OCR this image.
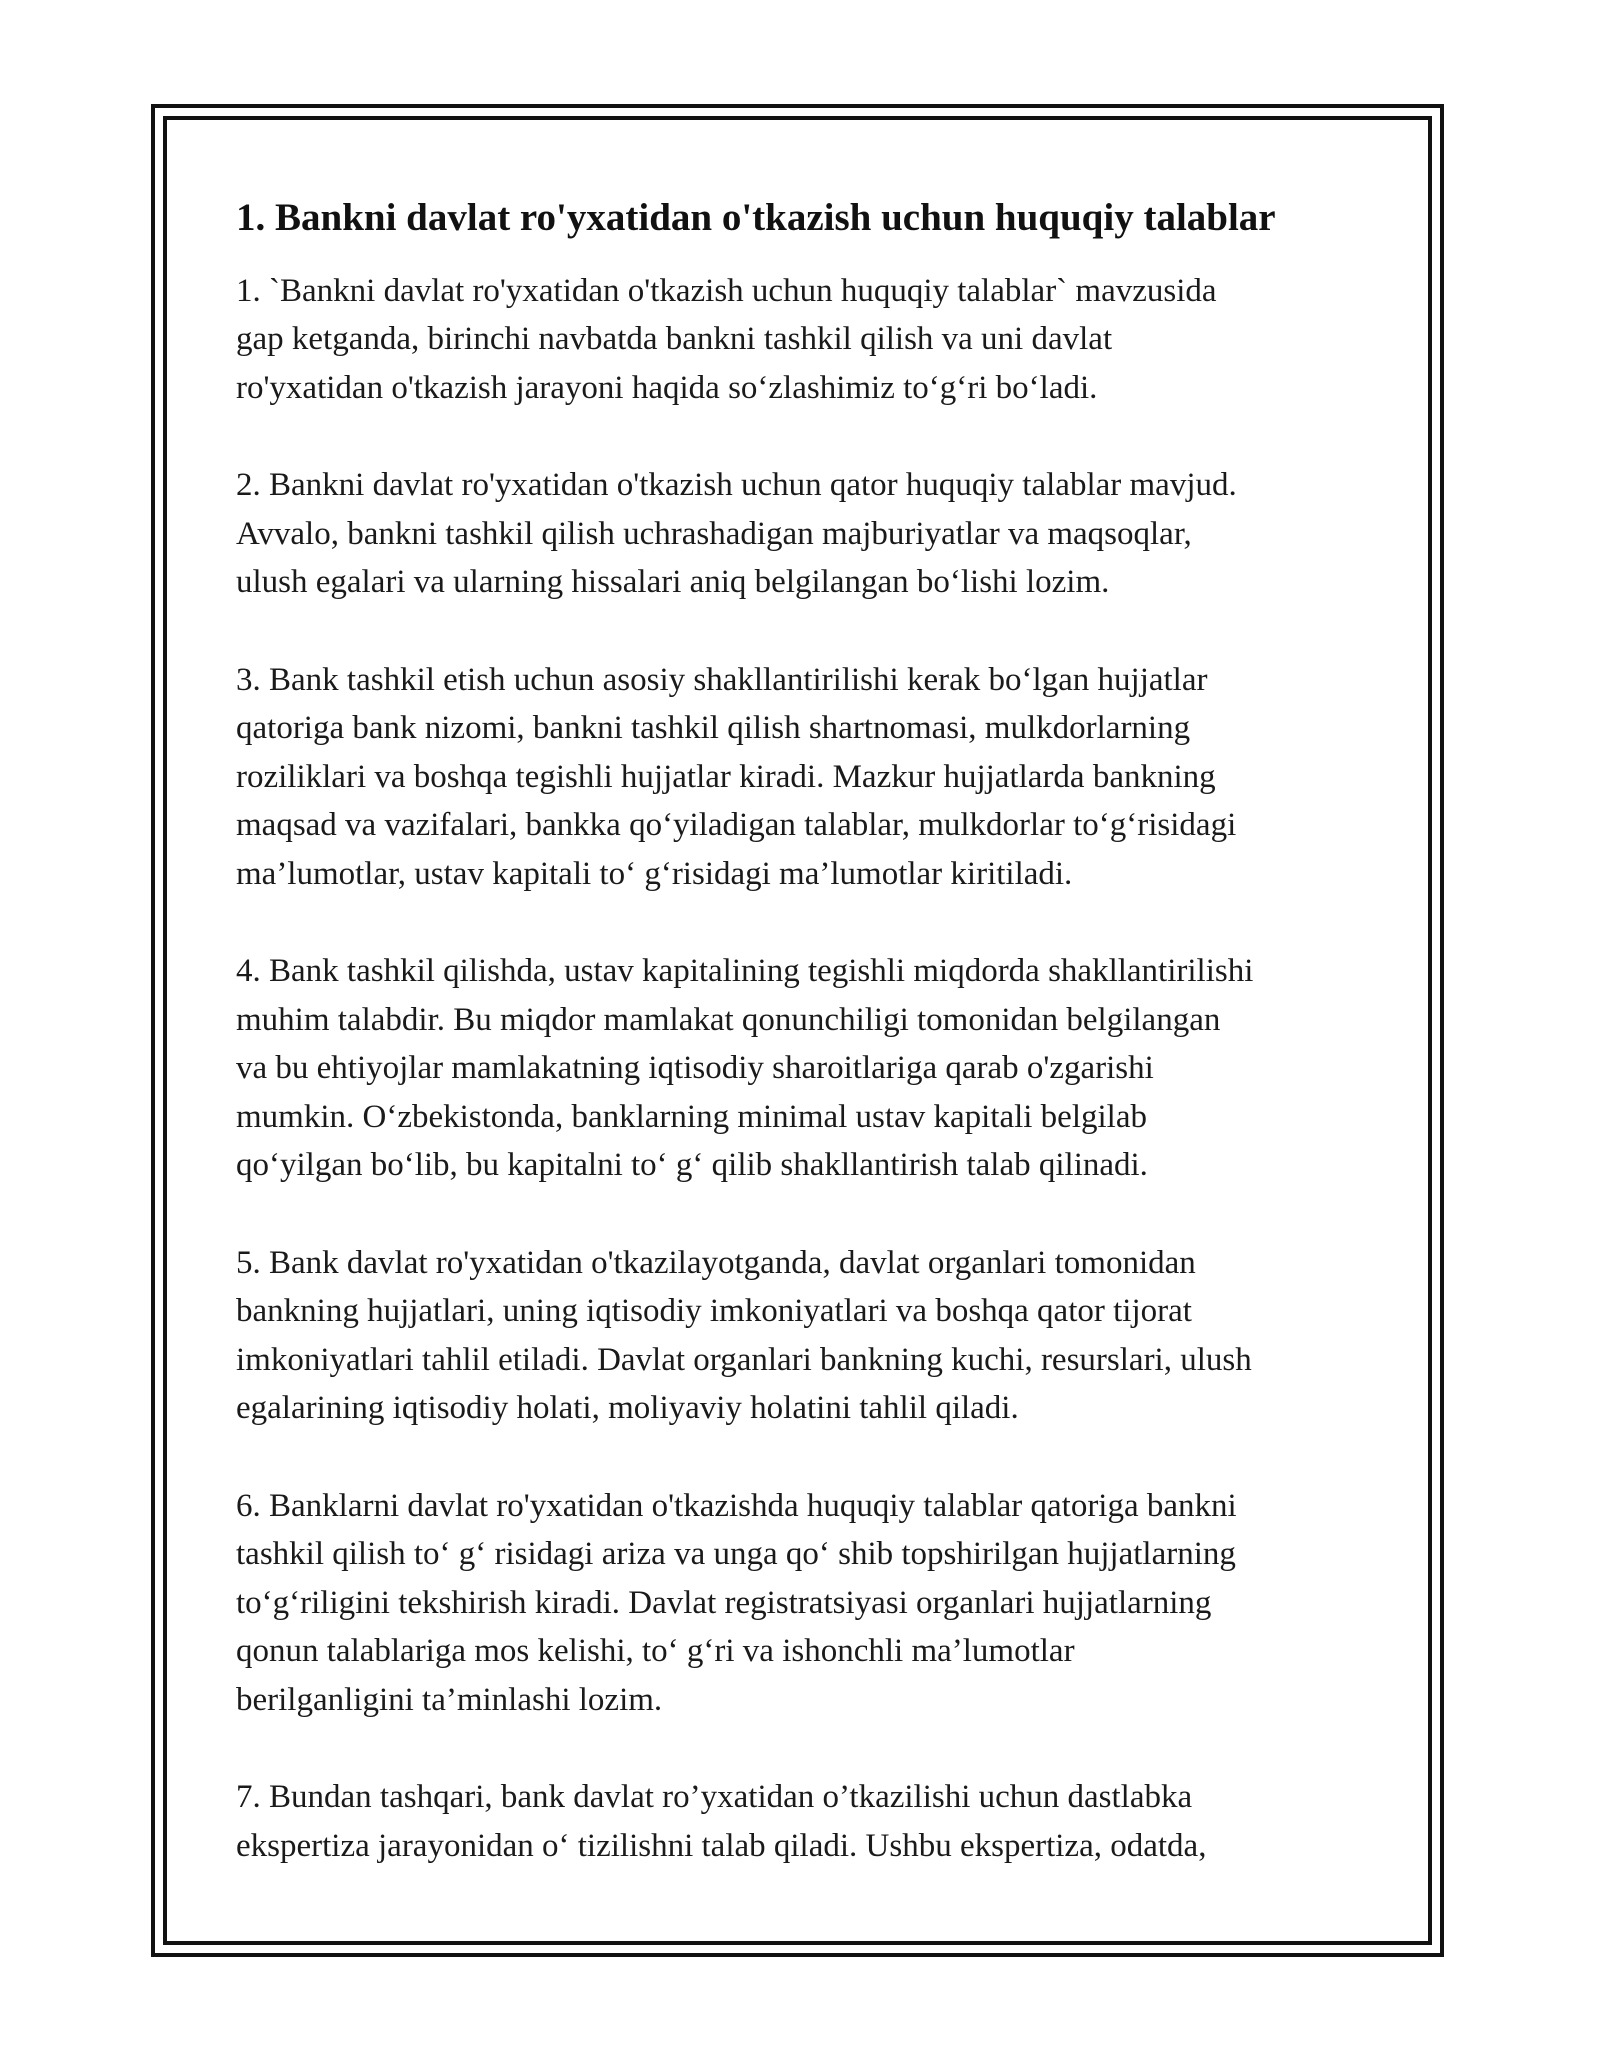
1. Bankni davlat ro'yxatidan o'tkazish uchun huquqiy talablar
1. `Bankni davlat ro'yxatidan o'tkazish uchun huquqiy talablar` mavzusida
gap ketganda, birinchi navbatda bankni tashkil qilish va uni davlat
ro'yxatidan o'tkazish jarayoni haqida so‘zlashimiz to‘g‘ri bo‘ladi.
2. Bankni davlat ro'yxatidan o'tkazish uchun qator huquqiy talablar mavjud.
Avvalo, bankni tashkil qilish uchrashadigan majburiyatlar va maqsoqlar,
ulush egalari va ularning hissalari aniq belgilangan bo‘lishi lozim.
3. Bank tashkil etish uchun asosiy shakllantirilishi kerak bo‘lgan hujjatlar
qatoriga bank nizomi, bankni tashkil qilish shartnomasi, mulkdorlarning
roziliklari va boshqa tegishli hujjatlar kiradi. Mazkur hujjatlarda bankning
maqsad va vazifalari, bankka qo‘yiladigan talablar, mulkdorlar to‘g‘risidagi
ma’lumotlar, ustav kapitali to‘ g‘risidagi ma’lumotlar kiritiladi.
4. Bank tashkil qilishda, ustav kapitalining tegishli miqdorda shakllantirilishi
muhim talabdir. Bu miqdor mamlakat qonunchiligi tomonidan belgilangan
va bu ehtiyojlar mamlakatning iqtisodiy sharoitlariga qarab o'zgarishi
mumkin. O‘zbekistonda, banklarning minimal ustav kapitali belgilab
qo‘yilgan bo‘lib, bu kapitalni to‘ g‘ qilib shakllantirish talab qilinadi.
5. Bank davlat ro'yxatidan o'tkazilayotganda, davlat organlari tomonidan
bankning hujjatlari, uning iqtisodiy imkoniyatlari va boshqa qator tijorat
imkoniyatlari tahlil etiladi. Davlat organlari bankning kuchi, resurslari, ulush
egalarining iqtisodiy holati, moliyaviy holatini tahlil qiladi.
6. Banklarni davlat ro'yxatidan o'tkazishda huquqiy talablar qatoriga bankni
tashkil qilish to‘ g‘ risidagi ariza va unga qo‘ shib topshirilgan hujjatlarning
to‘g‘riligini tekshirish kiradi. Davlat registratsiyasi organlari hujjatlarning
qonun talablariga mos kelishi, to‘ g‘ri va ishonchli ma’lumotlar
berilganligini ta’minlashi lozim.
7. Bundan tashqari, bank davlat ro’yxatidan o’tkazilishi uchun dastlabka
ekspertiza jarayonidan o‘ tizilishni talab qiladi. Ushbu ekspertiza, odatda,
